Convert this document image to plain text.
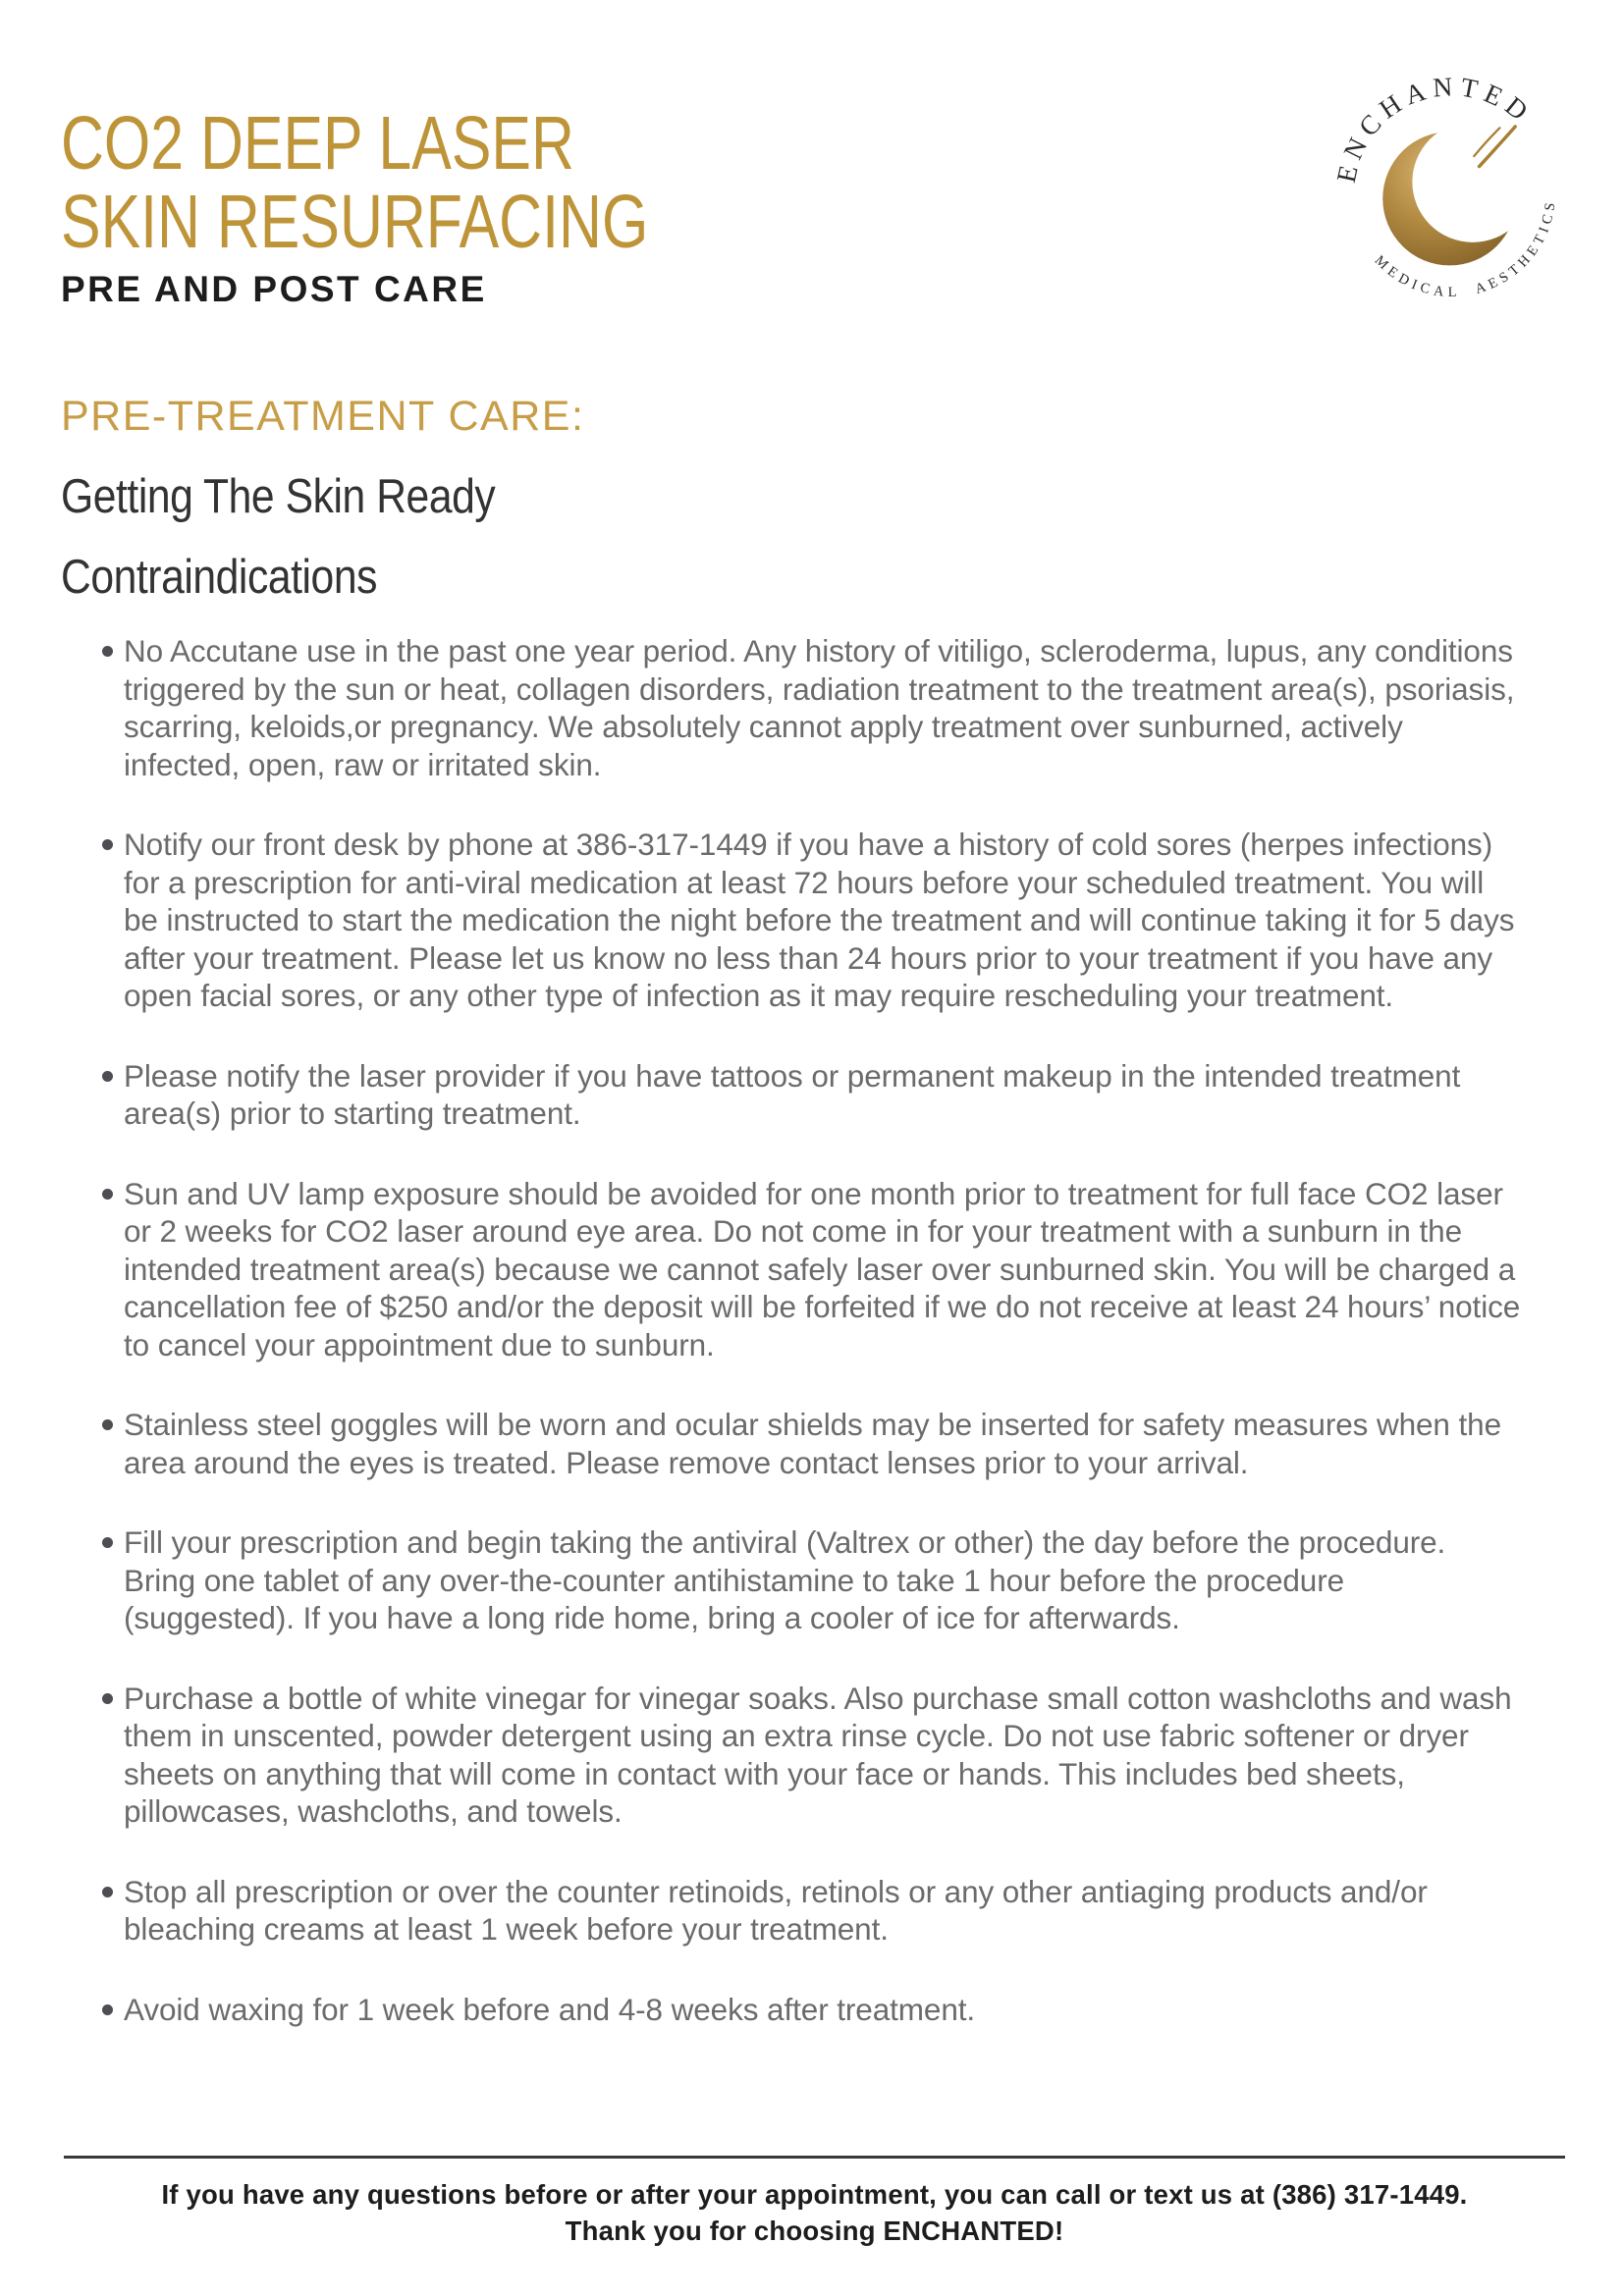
CO2 DEEP LASER
SKIN RESURFACING
PRE AND POST CARE
ENCHANTED
MEDICAL AESTHETICS
PRE-TREATMENT CARE:
Getting The Skin Ready
Contraindications
No Accutane use in the past one year period. Any history of vitiligo, scleroderma, lupus, any conditions triggered by the sun or heat, collagen disorders, radiation treatment to the treatment area(s), psoriasis, scarring, keloids,or pregnancy. We absolutely cannot apply treatment over sunburned, actively infected, open, raw or irritated skin.
Notify our front desk by phone at 386-317-1449 if you have a history of cold sores (herpes infections) for a prescription for anti-viral medication at least 72 hours before your scheduled treatment. You will be instructed to start the medication the night before the treatment and will continue taking it for 5 days after your treatment. Please let us know no less than 24 hours prior to your treatment if you have any open facial sores, or any other type of infection as it may require rescheduling your treatment.
Please notify the laser provider if you have tattoos or permanent makeup in the intended treatment area(s) prior to starting treatment.
Sun and UV lamp exposure should be avoided for one month prior to treatment for full face CO2 laser or 2 weeks for CO2 laser around eye area. Do not come in for your treatment with a sunburn in the intended treatment area(s) because we cannot safely laser over sunburned skin. You will be charged a cancellation fee of $250 and/or the deposit will be forfeited if we do not receive at least 24 hours’ notice to cancel your appointment due to sunburn.
Stainless steel goggles will be worn and ocular shields may be inserted for safety measures when the area around the eyes is treated. Please remove contact lenses prior to your arrival.
Fill your prescription and begin taking the antiviral (Valtrex or other) the day before the procedure. Bring one tablet of any over-the-counter antihistamine to take 1 hour before the procedure (suggested). If you have a long ride home, bring a cooler of ice for afterwards.
Purchase a bottle of white vinegar for vinegar soaks. Also purchase small cotton washcloths and wash them in unscented, powder detergent using an extra rinse cycle. Do not use fabric softener or dryer sheets on anything that will come in contact with your face or hands. This includes bed sheets, pillowcases, washcloths, and towels.
Stop all prescription or over the counter retinoids, retinols or any other antiaging products and/or bleaching creams at least 1 week before your treatment.
Avoid waxing for 1 week before and 4-8 weeks after treatment.
If you have any questions before or after your appointment, you can call or text us at (386) 317-1449.
Thank you for choosing ENCHANTED!
